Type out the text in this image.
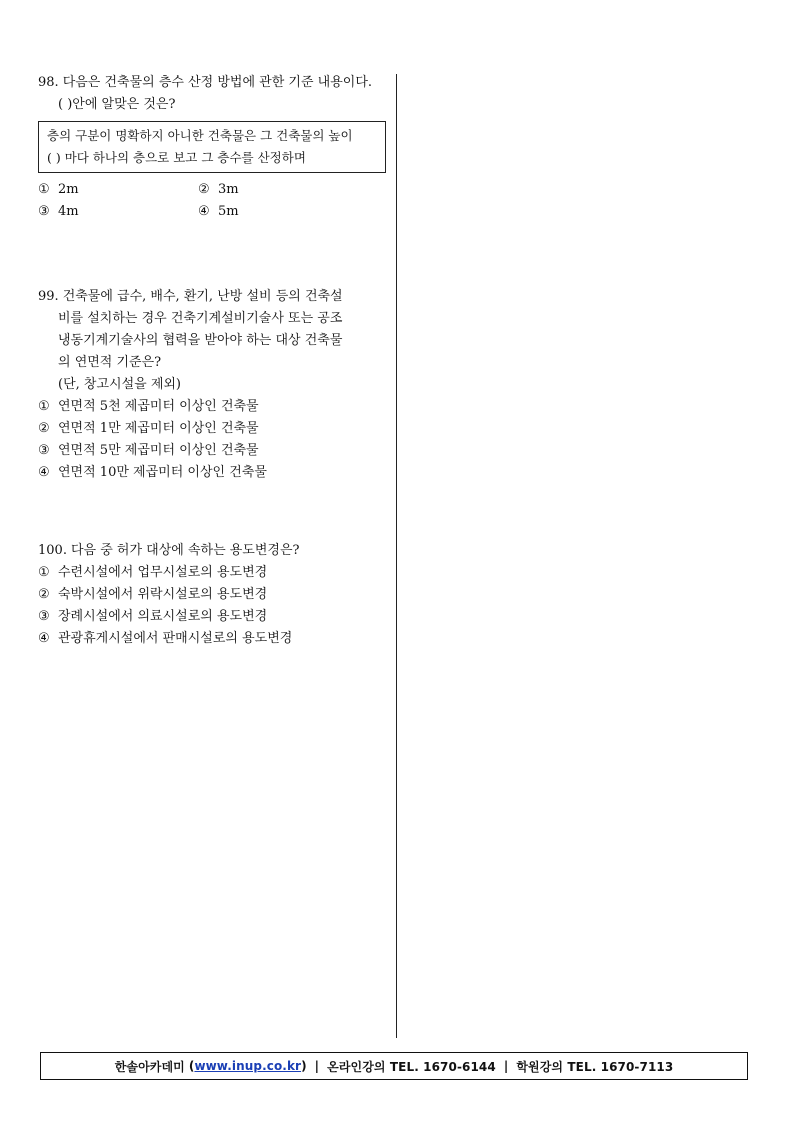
98. 다음은 건축물의 층수 산정 방법에 관한 기준 내용이다.

( )안에 알맞은 것은?

층의 구분이 명확하지 아니한 건축물은 그 건축물의 높이
( ) 마다 하나의 층으로 보고 그 층수를 산정하며
① 2m	② 3m
③ 4m	④ 5m

99. 건축물에 급수, 배수, 환기, 난방 설비 등의 건축설

비를 설치하는 경우 건축기계설비기술사 또는 공조

냉동기계기술사의 협력을 받아야 하는 대상 건축물

의 연면적 기준은?

(단, 창고시설을 제외)

① 연면적 5천 제곱미터 이상인 건축물
② 연면적 1만 제곱미터 이상인 건축물
③ 연면적 5만 제곱미터 이상인 건축물
④ 연면적 10만 제곱미터 이상인 건축물

100. 다음 중 허가 대상에 속하는 용도변경은?

① 수련시설에서 업무시설로의 용도변경
② 숙박시설에서 위락시설로의 용도변경
③ 장례시설에서 의료시설로의 용도변경
④ 관광휴게시설에서 판매시설로의 용도변경
한솔아카데미 ( www.inup.co.kr ) | 온라인강의 TEL. 1670-6144 | 학원강의 TEL. 1670-7113
